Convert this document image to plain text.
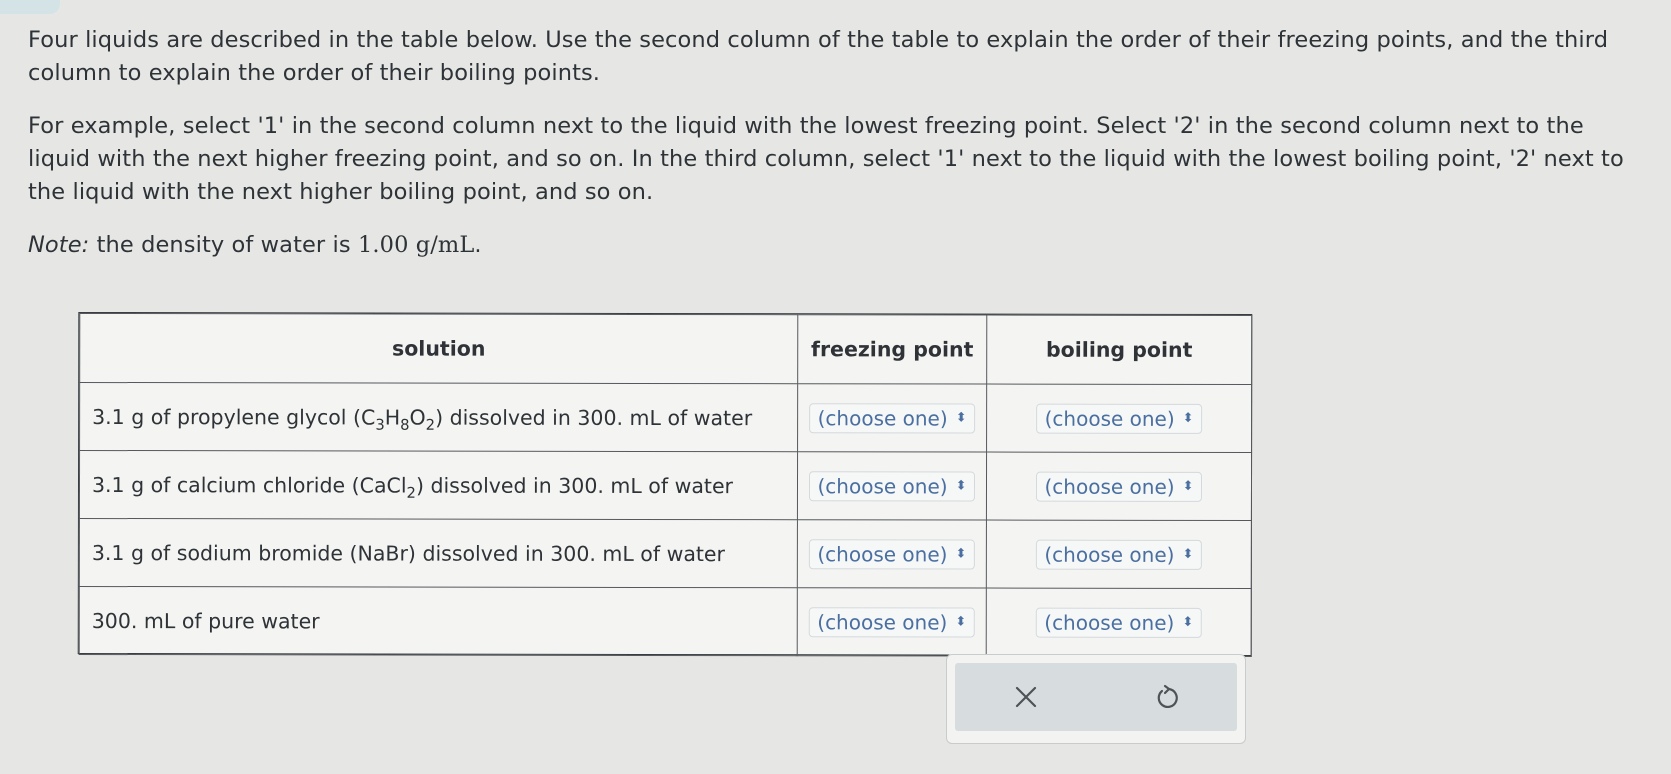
Four liquids are described in the table below. Use the second column of the table to explain the order of their freezing points, and the third column to explain the order of their boiling points.

For example, select '1' in the second column next to the liquid with the lowest freezing point. Select '2' in the second column next to the liquid with the next higher freezing point, and so on. In the third column, select '1' next to the liquid with the lowest boiling point, '2' next to the liquid with the next higher boiling point, and so on.

Note: the density of water is 1.00 g/mL.

solution	freezing point	boiling point
3.1 g of propylene glycol $(C_3H_8O_2)$ dissolved in 300. mL of water	(choose one) ⬍	(choose one) ⬍

3.1 g of calcium chloride (CaCl$_2$) dissolved in 300. mL of water	(choose one) ⬍	(choose one) ⬍

3.1 g of sodium bromide (NaBr) dissolved in 300. mL of water	(choose one) ⬍	(choose one) ⬍

300. mL of pure water	(choose one) ⬍	(choose one) ⬍
